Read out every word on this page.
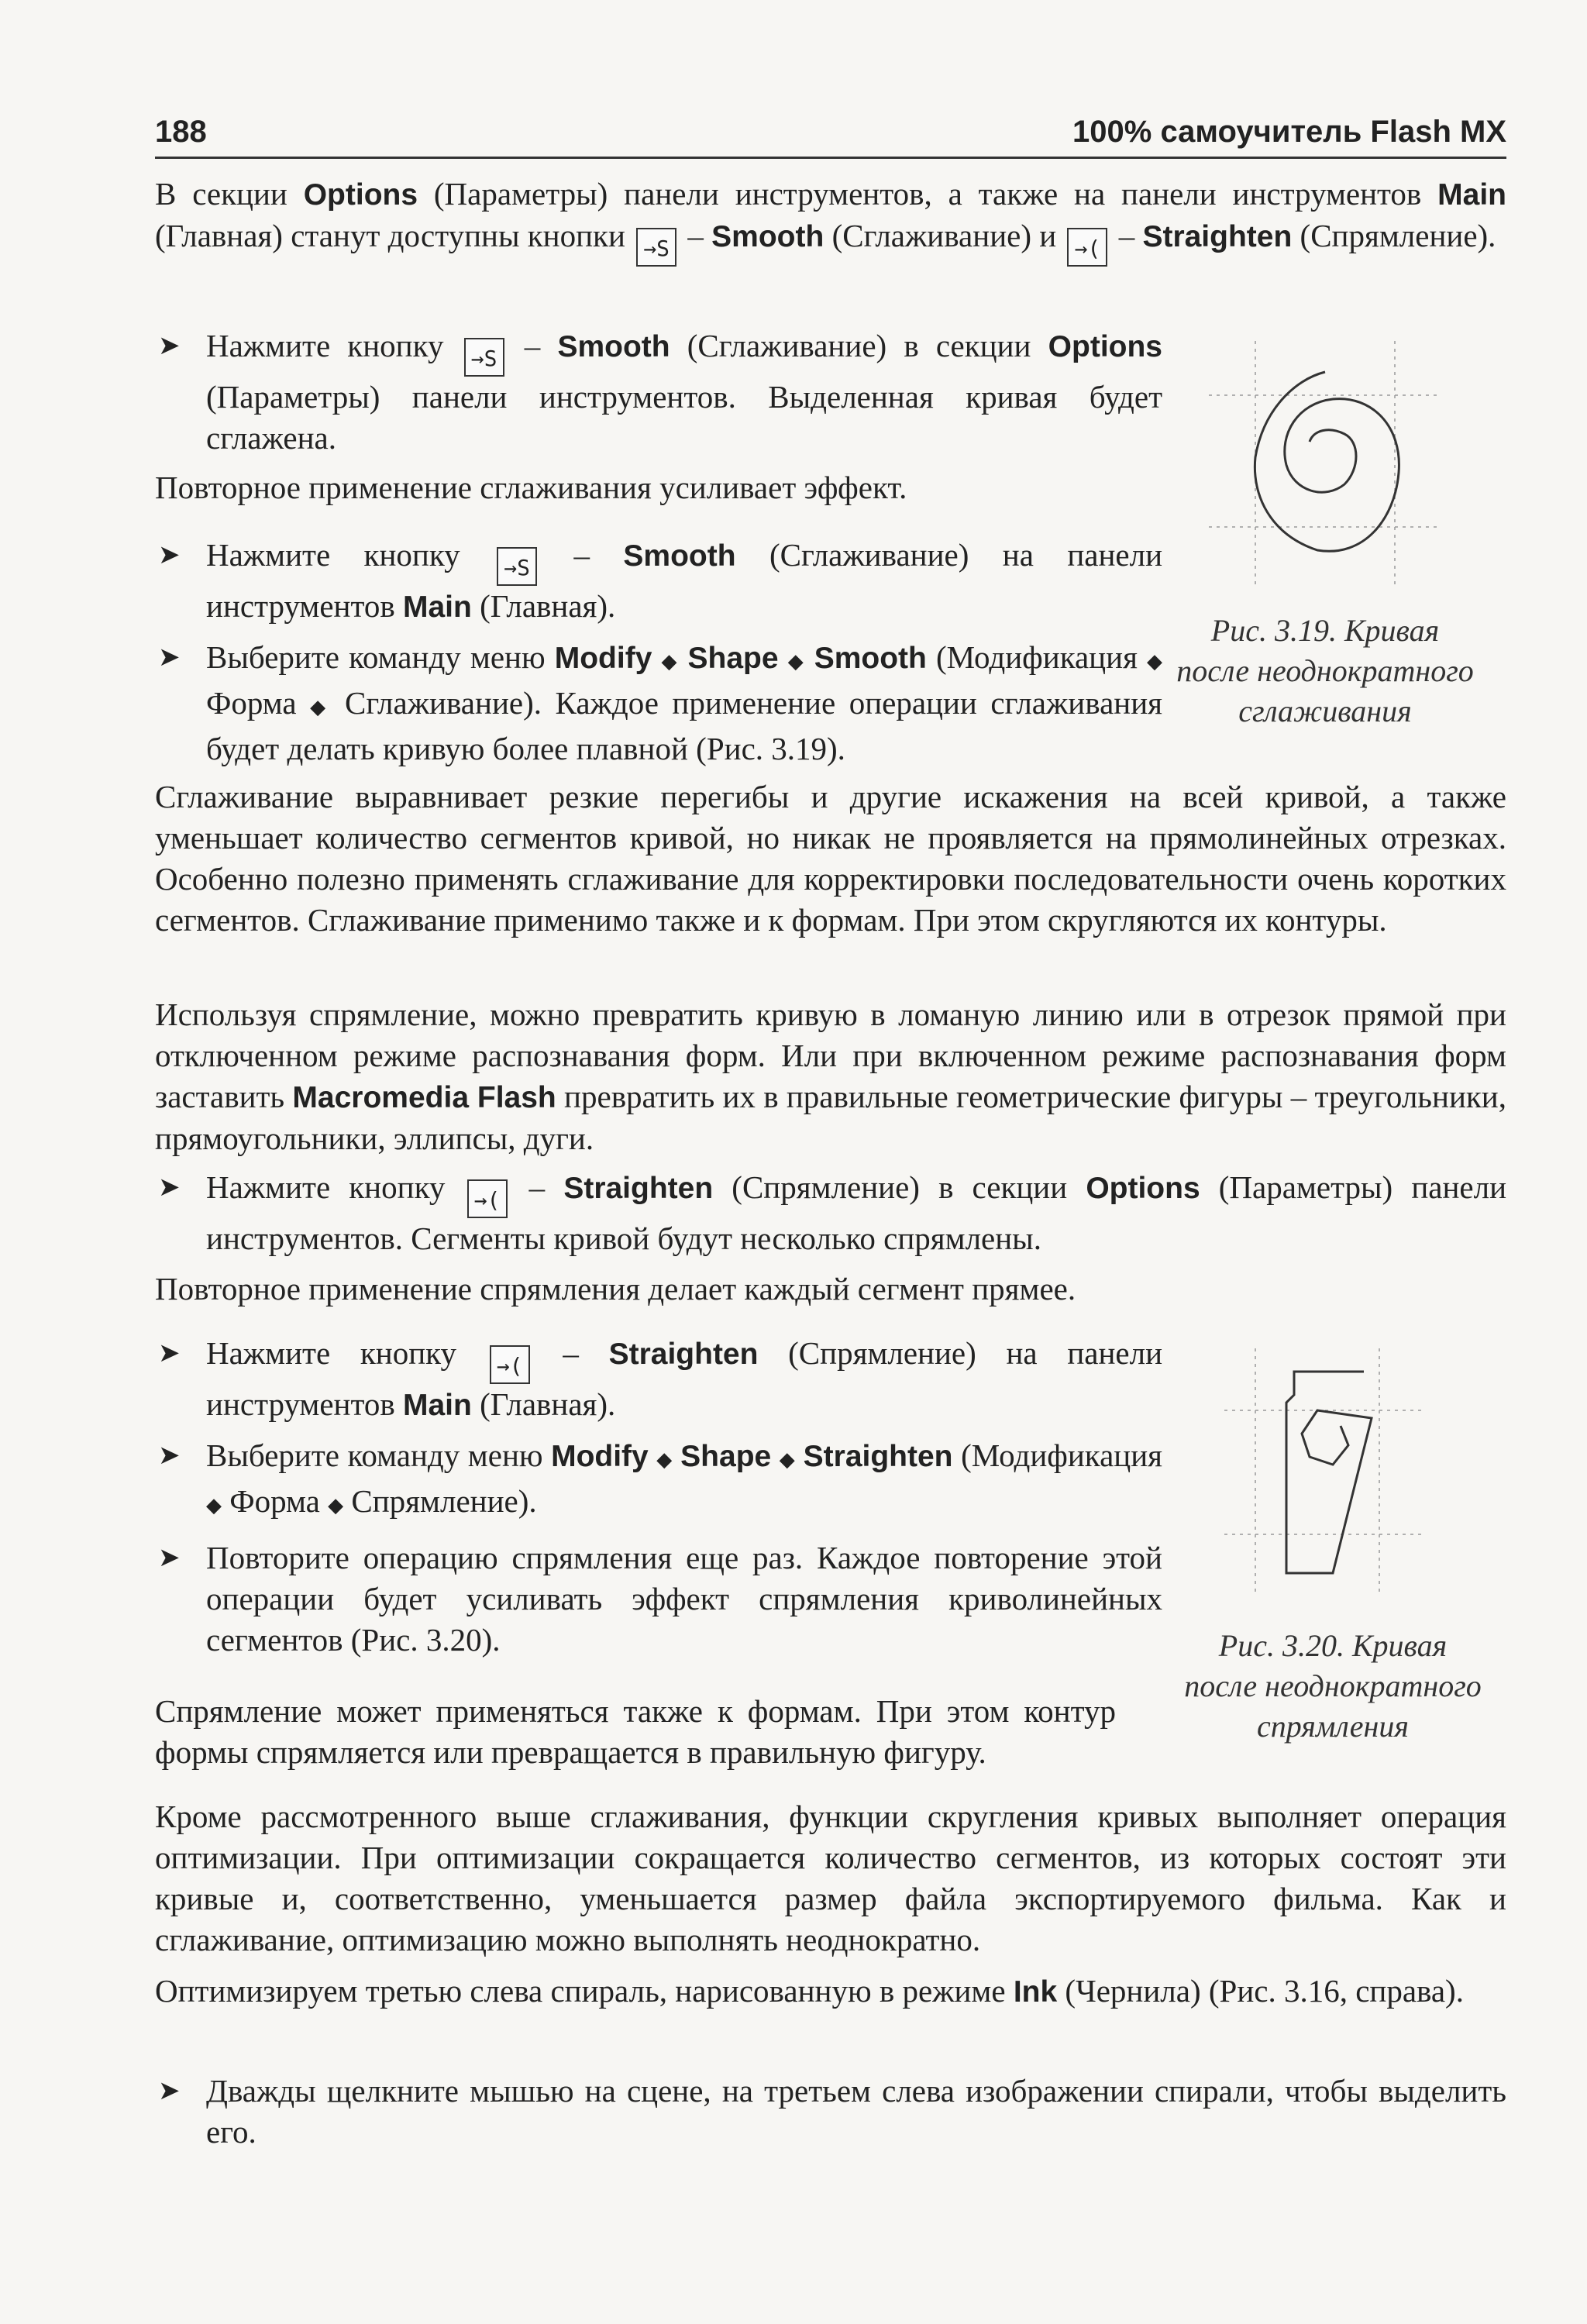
188	100% самоучитель Flash MX

В секции Options (Параметры) панели инструментов, а также на панели инструментов Main (Главная) станут доступны кнопки →S – Smooth (Сглаживание) и →( – Straighten (Спрямление).

➤ Нажмите кнопку →S – Smooth (Сглаживание) в секции Options (Параметры) панели инструментов. Выделенная кривая будет сглажена.

Повторное применение сглаживания усиливает эффект.

➤ Нажмите кнопку →S – Smooth (Сглаживание) на панели инструментов Main (Главная).
➤ Выберите команду меню Modify ◆ Shape ◆ Smooth (Модификация ◆ Форма ◆ Сглаживание). Каждое применение операции сглаживания будет делать кривую более плавной (Рис. 3.19).
Рис. 3.19. Кривая
после неоднократного
сглаживания

Сглаживание выравнивает резкие перегибы и другие искажения на всей кривой, а также уменьшает количество сегментов кривой, но никак не проявляется на прямолинейных отрезках. Особенно полезно применять сглаживание для корректировки последовательности очень коротких сегментов. Сглаживание применимо также и к формам. При этом скругляются их контуры.

Используя спрямление, можно превратить кривую в ломаную линию или в отрезок прямой при отключенном режиме распознавания форм. Или при включенном режиме распознавания форм заставить Macromedia Flash превратить их в правильные геометрические фигуры – треугольники, прямоугольники, эллипсы, дуги.

➤ Нажмите кнопку →( – Straighten (Спрямление) в секции Options (Параметры) панели инструментов. Сегменты кривой будут несколько спрямлены.

Повторное применение спрямления делает каждый сегмент прямее.

➤ Нажмите кнопку →( – Straighten (Спрямление) на панели инструментов Main (Главная).
➤ Выберите команду меню Modify ◆ Shape ◆ Straighten (Модификация ◆ Форма ◆ Спрямление).
➤ Повторите операцию спрямления еще раз. Каждое повторение этой операции будет усиливать эффект спрямления криволинейных сегментов (Рис. 3.20).	Рис. 3.20. Кривая
после неоднократного
спрямления

Спрямление может применяться также к формам. При этом контур формы спрямляется или превращается в правильную фигуру.

Кроме рассмотренного выше сглаживания, функции скругления кривых выполняет операция оптимизации. При оптимизации сокращается количество сегментов, из которых состоят эти кривые и, соответственно, уменьшается размер файла экспортируемого фильма. Как и сглаживание, оптимизацию можно выполнять неоднократно.

Оптимизируем третью слева спираль, нарисованную в режиме Ink (Чернила) (Рис. 3.16, справа).

➤ Дважды щелкните мышью на сцене, на третьем слева изображении спирали, чтобы выделить его.
